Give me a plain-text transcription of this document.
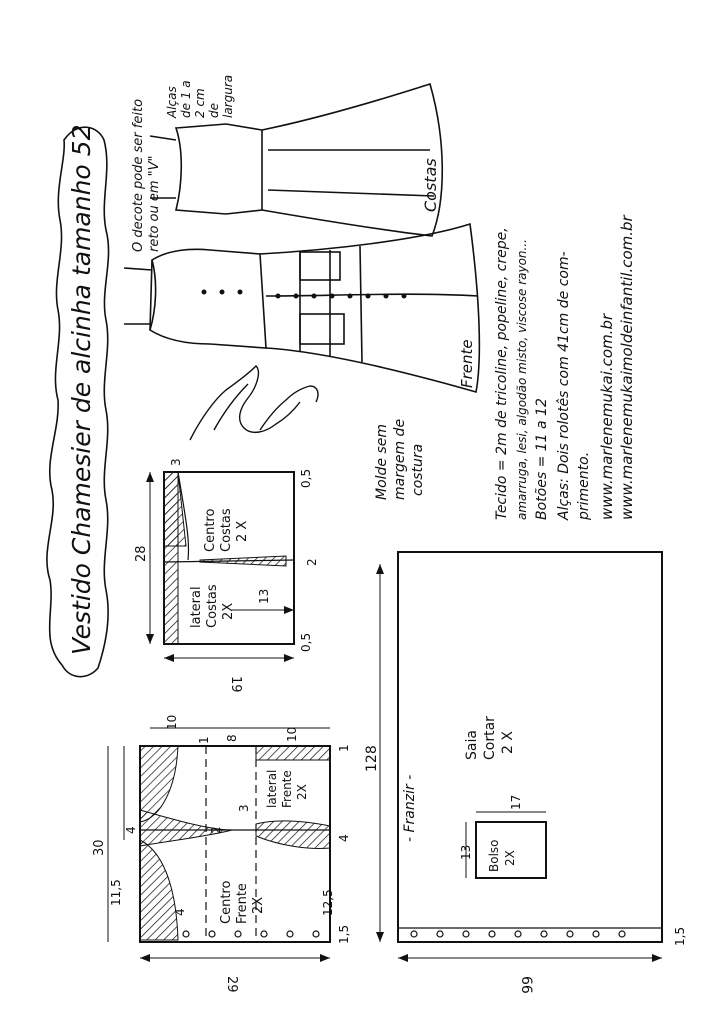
Vestido Chamesier de alcinha tamanho 52	28
19
3
0,5
2
0,5
13
Centro Costas 2 X
lateral Costas 2X
30
10
1 8	10
1
4	2
3
4
11,5	12,5
1,5
29
4 Centro Frente 2X
lateral Frente 2X
128
- Franzir -
66
1,5
Saia Cortar 2 X
13
17
Bolso 2X
Molde sem margem de costura
Costas
Frente
O decote pode ser feito reto ou em "V"
Alças de 1 a 2 cm de largura
Tecido = 2m de tricoline, popeline, crepe, amarruga, lesi, algodão misto, viscose rayon... Botões = 11 a 12 Alças: Dois rolotês com 41cm de com- primento. www.marlenemukai.com.br www.marlenemukaimoldeinfantil.com.br
